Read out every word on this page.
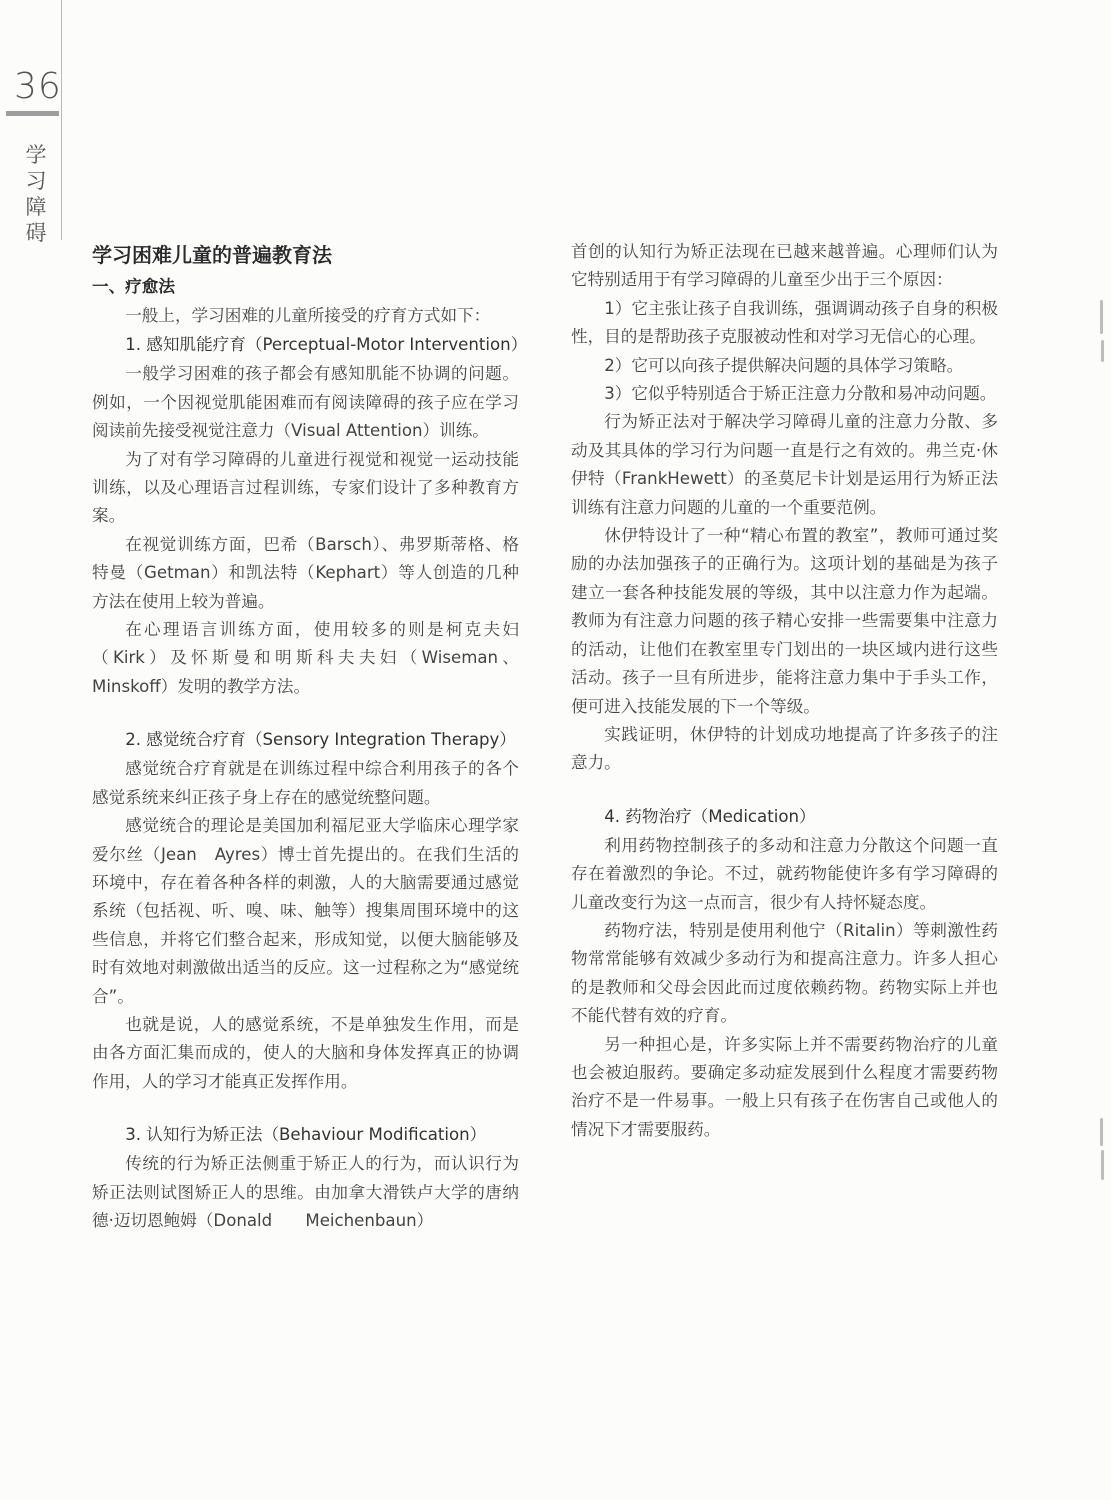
36
学
习
障
碍

学习困难儿童的普遍教育法

一、疗愈法

一般上，学习困难的儿童所接受的疗育方式如下：

1. 感知肌能疗育（Perceptual-Motor Intervention）

一般学习困难的孩子都会有感知肌能不协调的问题。例如，一个因视觉肌能困难而有阅读障碍的孩子应在学习阅读前先接受视觉注意力（Visual Attention）训练。

为了对有学习障碍的儿童进行视觉和视觉一运动技能训练，以及心理语言过程训练，专家们设计了多种教育方案。

在视觉训练方面，巴希（Barsch）、弗罗斯蒂格、格特曼（Getman）和凯法特（Kephart）等人创造的几种方法在使用上较为普遍。

在心理语言训练方面，使用较多的则是柯克夫妇（Kirk）及怀斯曼和明斯科夫夫妇（Wiseman、Minskoff）发明的教学方法。

2. 感觉统合疗育（Sensory Integration Therapy）

感觉统合疗育就是在训练过程中综合利用孩子的各个感觉系统来纠正孩子身上存在的感觉统整问题。

感觉统合的理论是美国加利福尼亚大学临床心理学家爱尔丝（Jean　Ayres）博士首先提出的。在我们生活的环境中，存在着各种各样的刺激，人的大脑需要通过感觉系统（包括视、听、嗅、味、触等）搜集周围环境中的这些信息，并将它们整合起来，形成知觉，以便大脑能够及时有效地对刺激做出适当的反应。这一过程称之为“感觉统合”。

也就是说，人的感觉系统，不是单独发生作用，而是由各方面汇集而成的，使人的大脑和身体发挥真正的协调作用，人的学习才能真正发挥作用。

3. 认知行为矫正法（Behaviour Modification）

传统的行为矫正法侧重于矫正人的行为，而认识行为矫正法则试图矫正人的思维。由加拿大滑铁卢大学的唐纳德·迈切恩鲍姆（Donald　　Meichenbaun）

首创的认知行为矫正法现在已越来越普遍。心理师们认为它特别适用于有学习障碍的儿童至少出于三个原因：

1）它主张让孩子自我训练，强调调动孩子自身的积极性，目的是帮助孩子克服被动性和对学习无信心的心理。

2）它可以向孩子提供解决问题的具体学习策略。

3）它似乎特别适合于矫正注意力分散和易冲动问题。

行为矫正法对于解决学习障碍儿童的注意力分散、多动及其具体的学习行为问题一直是行之有效的。弗兰克·休伊特（FrankHewett）的圣莫尼卡计划是运用行为矫正法训练有注意力问题的儿童的一个重要范例。

休伊特设计了一种“精心布置的教室”，教师可通过奖励的办法加强孩子的正确行为。这项计划的基础是为孩子建立一套各种技能发展的等级，其中以注意力作为起端。教师为有注意力问题的孩子精心安排一些需要集中注意力的活动，让他们在教室里专门划出的一块区域内进行这些活动。孩子一旦有所进步，能将注意力集中于手头工作，便可进入技能发展的下一个等级。

实践证明，休伊特的计划成功地提高了许多孩子的注意力。

4. 药物治疗（Medication）

利用药物控制孩子的多动和注意力分散这个问题一直存在着激烈的争论。不过，就药物能使许多有学习障碍的儿童改变行为这一点而言，很少有人持怀疑态度。

药物疗法，特别是使用利他宁（Ritalin）等刺激性药物常常能够有效减少多动行为和提高注意力。许多人担心的是教师和父母会因此而过度依赖药物。药物实际上并也不能代替有效的疗育。

另一种担心是，许多实际上并不需要药物治疗的儿童也会被迫服药。要确定多动症发展到什么程度才需要药物治疗不是一件易事。一般上只有孩子在伤害自己或他人的情况下才需要服药。
